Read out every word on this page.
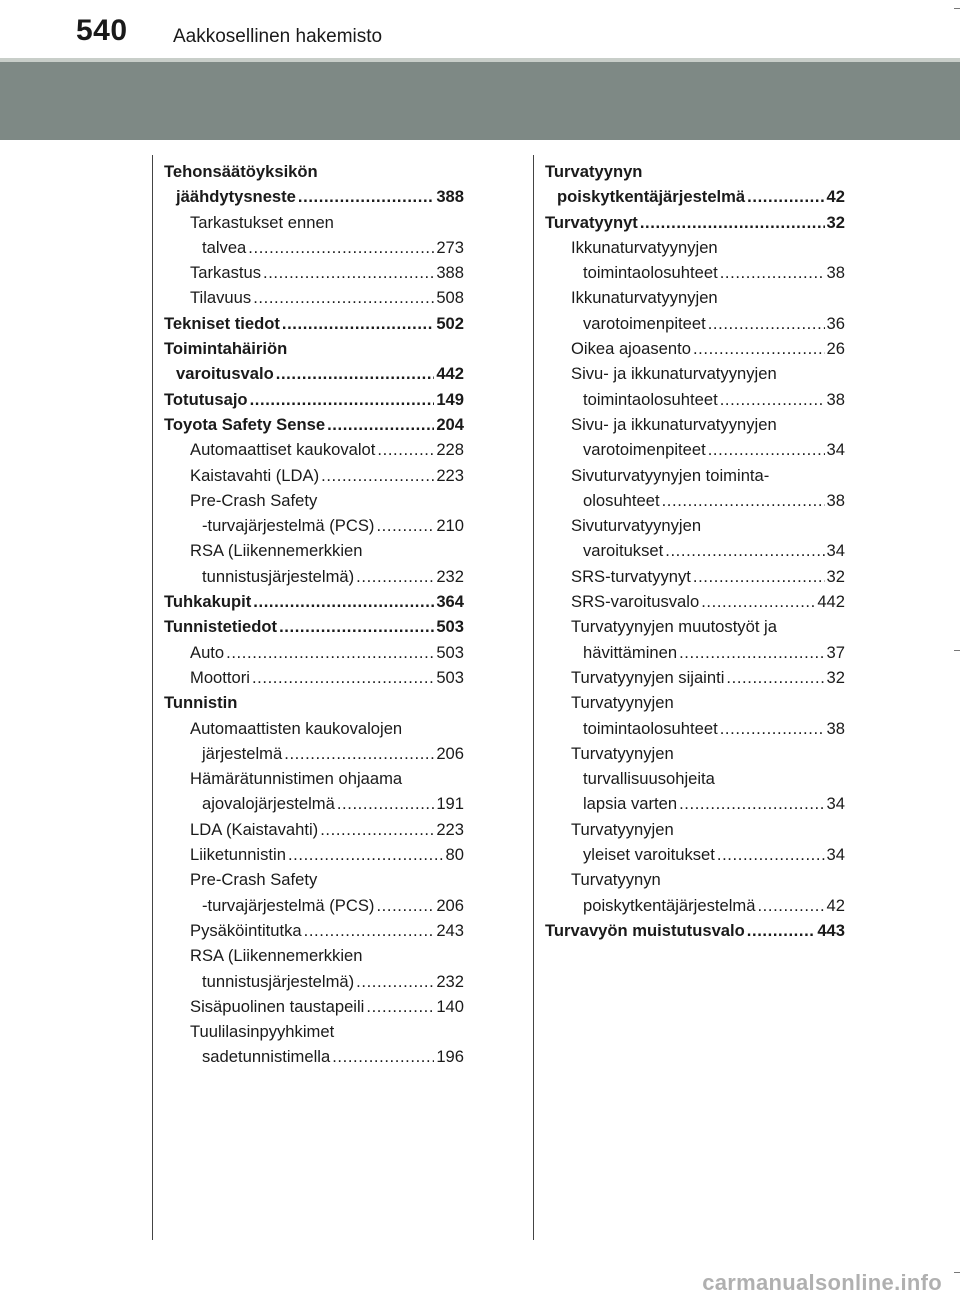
540 Aakkosellinen hakemisto
Tehonsäätöyksikön
jäähdytysneste .....	388
Tarkastukset ennen
talvea .....	273
Tarkastus .....	388
Tilavuus .....	508
Tekniset tiedot .....	502
Toimintahäiriön
varoitusvalo .....	442
Totutusajo .....	149
Toyota Safety Sense .....	204
Automaattiset kaukovalot .....	228
Kaistavahti (LDA) .....	223
Pre-Crash Safety
-turvajärjestelmä (PCS) .....	210
RSA (Liikennemerkkien
tunnistusjärjestelmä) .....	232
Tuhkakupit .....	364
Tunnistetiedot .....	503
Auto .....	503
Moottori .....	503
Tunnistin
Automaattisten kaukovalojen
järjestelmä .....	206
Hämärätunnistimen ohjaama
ajovalojärjestelmä .....	191
LDA (Kaistavahti) .....	223
Liiketunnistin .....	80
Pre-Crash Safety
-turvajärjestelmä (PCS) .....	206
Pysäköintitutka .....	243
RSA (Liikennemerkkien
tunnistusjärjestelmä) .....	232
Sisäpuolinen taustapeili .....	140
Tuulilasinpyyhkimet
sadetunnistimella .....	196
Turvatyynyn
poiskytkentäjärjestelmä .....	42
Turvatyynyt .....	32
Ikkunaturvatyynyjen
toimintaolosuhteet .....	38
Ikkunaturvatyynyjen
varotoimenpiteet .....	36
Oikea ajoasento .....	26
Sivu- ja ikkunaturvatyynyjen
toimintaolosuhteet .....	38
Sivu- ja ikkunaturvatyynyjen
varotoimenpiteet .....	34
Sivuturvatyynyjen toiminta-
olosuhteet .....	38
Sivuturvatyynyjen
varoitukset .....	34
SRS-turvatyynyt .....	32
SRS-varoitusvalo .....	442
Turvatyynyjen muutostyöt ja
hävittäminen .....	37
Turvatyynyjen sijainti .....	32
Turvatyynyjen
toimintaolosuhteet .....	38
Turvatyynyjen
turvallisuusohjeita
lapsia varten .....	34
Turvatyynyjen
yleiset varoitukset .....	34
Turvatyynyn
poiskytkentäjärjestelmä .....	42
Turvavyön muistutusvalo .....	443
carmanualsonline.info
